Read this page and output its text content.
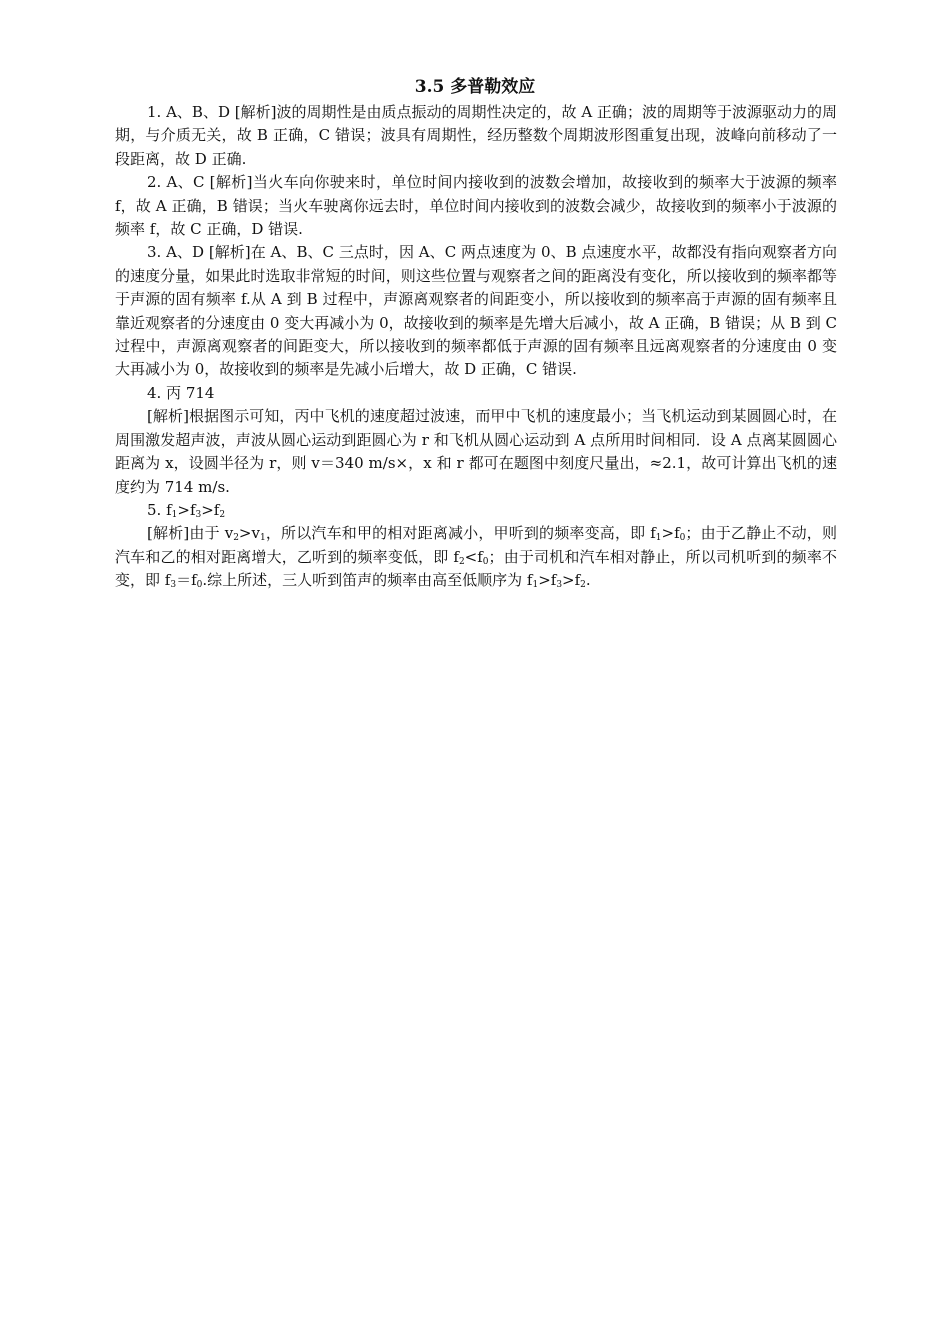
3.5 多普勒效应

1. A、B、D [解析]波的周期性是由质点振动的周期性决定的，故 A 正确；波的周期等于波源驱动力的周期，与介质无关，故 B 正确，C 错误；波具有周期性，经历整数个周期波形图重复出现，波峰向前移动了一段距离，故 D 正确.

2. A、C [解析]当火车向你驶来时，单位时间内接收到的波数会增加，故接收到的频率大于波源的频率 f，故 A 正确，B 错误；当火车驶离你远去时，单位时间内接收到的波数会减少，故接收到的频率小于波源的频率 f，故 C 正确，D 错误.

3. A、D [解析]在 A、B、C 三点时，因 A、C 两点速度为 0、B 点速度水平，故都没有指向观察者方向的速度分量，如果此时选取非常短的时间，则这些位置与观察者之间的距离没有变化，所以接收到的频率都等于声源的固有频率 f.从 A 到 B 过程中，声源离观察者的间距变小，所以接收到的频率高于声源的固有频率且靠近观察者的分速度由 0 变大再减小为 0，故接收到的频率是先增大后减小，故 A 正确，B 错误；从 B 到 C 过程中，声源离观察者的间距变大，所以接收到的频率都低于声源的固有频率且远离观察者的分速度由 0 变大再减小为 0，故接收到的频率是先减小后增大，故 D 正确，C 错误.

4. 丙 714

[解析]根据图示可知，丙中飞机的速度超过波速，而甲中飞机的速度最小；当飞机运动到某圆圆心时，在周围激发超声波，声波从圆心运动到距圆心为 r 和飞机从圆心运动到 A 点所用时间相同．设 A 点离某圆圆心距离为 x，设圆半径为 r，则 v＝340 m/s×，x 和 r 都可在题图中刻度尺量出，≈2.1，故可计算出飞机的速度约为 714 m/s.

5. $f_1>f_3>f_2$

[解析]由于 $v_2>v_1$，所以汽车和甲的相对距离减小，甲听到的频率变高，即 $f_1>f_0$；由于乙静止不动，则汽车和乙的相对距离增大，乙听到的频率变低，即 $f_2<f_0$；由于司机和汽车相对静止，所以司机听到的频率不变，即 $f_3=f_0$.综上所述，三人听到笛声的频率由高至低顺序为 $f_1>f_3>f_2$.
